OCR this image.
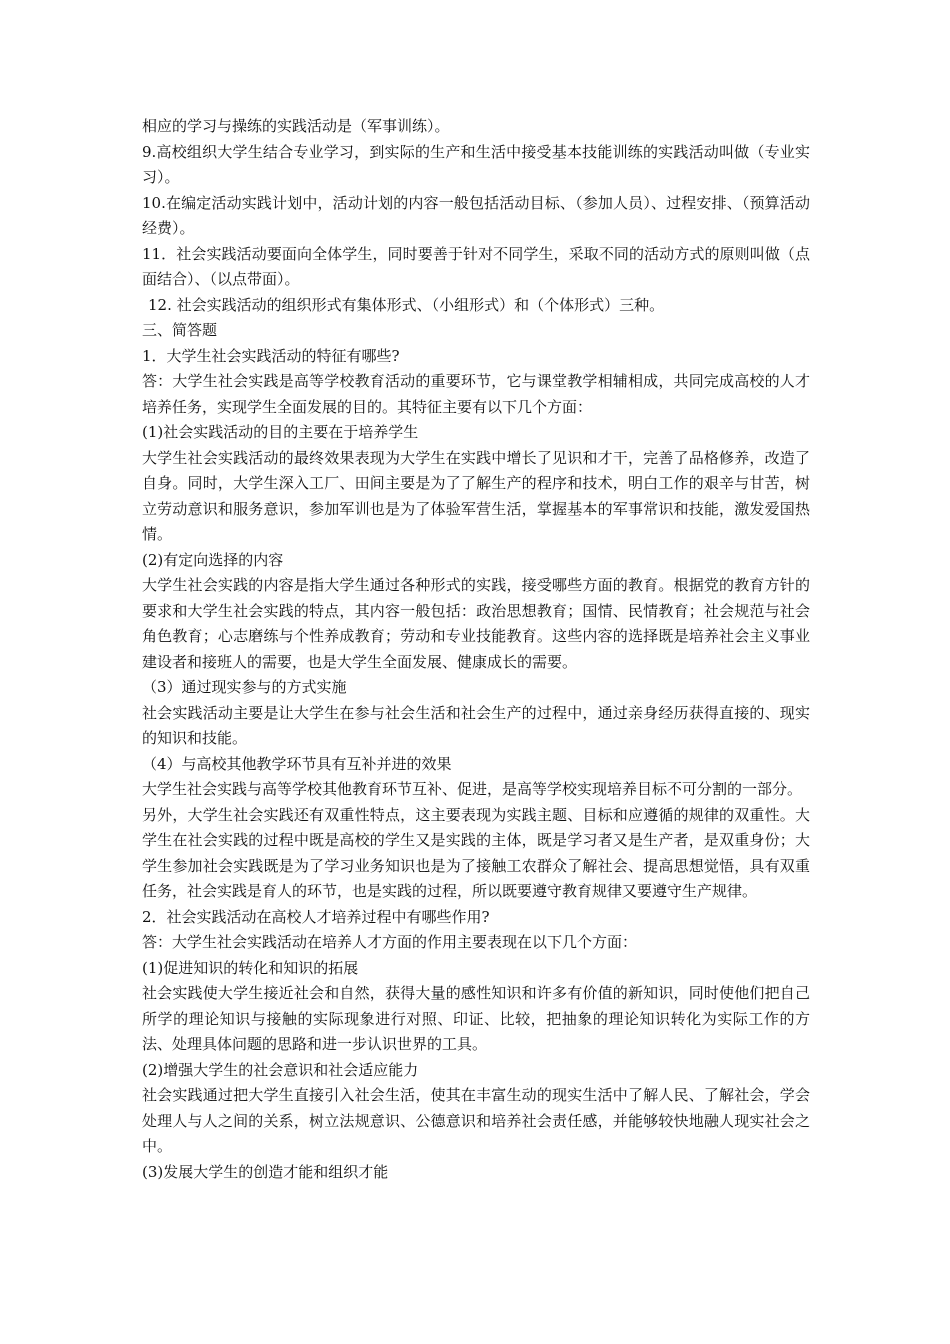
相应的学习与操练的实践活动是（军事训练）。

9.高校组织大学生结合专业学习，到实际的生产和生活中接受基本技能训练的实践活动叫做（专业实习）。

10.在编定活动实践计划中，活动计划的内容一般包括活动目标、（参加人员）、过程安排、（预算活动经费）。

11．社会实践活动要面向全体学生，同时要善于针对不同学生，采取不同的活动方式的原则叫做（点面结合）、（以点带面）。

12. 社会实践活动的组织形式有集体形式、（小组形式）和（个体形式）三种。

三、简答题

1．大学生社会实践活动的特征有哪些?

答：大学生社会实践是高等学校教育活动的重要环节，它与课堂教学相辅相成，共同完成高校的人才培养任务，实现学生全面发展的目的。其特征主要有以下几个方面：

(1)社会实践活动的目的主要在于培养学生

大学生社会实践活动的最终效果表现为大学生在实践中增长了见识和才干，完善了品格修养，改造了自身。同时，大学生深入工厂、田间主要是为了了解生产的程序和技术，明白工作的艰辛与甘苦，树立劳动意识和服务意识，参加军训也是为了体验军营生活，掌握基本的军事常识和技能，激发爱国热情。

(2)有定向选择的内容

大学生社会实践的内容是指大学生通过各种形式的实践，接受哪些方面的教育。根据党的教育方针的要求和大学生社会实践的特点，其内容一般包括：政治思想教育；国情、民情教育；社会规范与社会角色教育；心志磨练与个性养成教育；劳动和专业技能教育。这些内容的选择既是培养社会主义事业建设者和接班人的需要，也是大学生全面发展、健康成长的需要。

（3）通过现实参与的方式实施

社会实践活动主要是让大学生在参与社会生活和社会生产的过程中，通过亲身经历获得直接的、现实的知识和技能。

（4）与高校其他教学环节具有互补并进的效果

大学生社会实践与高等学校其他教育环节互补、促进，是高等学校实现培养目标不可分割的一部分。

另外，大学生社会实践还有双重性特点，这主要表现为实践主题、目标和应遵循的规律的双重性。大学生在社会实践的过程中既是高校的学生又是实践的主体，既是学习者又是生产者，是双重身份；大学生参加社会实践既是为了学习业务知识也是为了接触工农群众了解社会、提高思想觉悟，具有双重任务，社会实践是育人的环节，也是实践的过程，所以既要遵守教育规律又要遵守生产规律。

2．社会实践活动在高校人才培养过程中有哪些作用?

答：大学生社会实践活动在培养人才方面的作用主要表现在以下几个方面：

(1)促进知识的转化和知识的拓展

社会实践使大学生接近社会和自然，获得大量的感性知识和许多有价值的新知识，同时使他们把自己所学的理论知识与接触的实际现象进行对照、印证、比较，把抽象的理论知识转化为实际工作的方法、处理具体问题的思路和进一步认识世界的工具。

(2)增强大学生的社会意识和社会适应能力

社会实践通过把大学生直接引入社会生活，使其在丰富生动的现实生活中了解人民、了解社会，学会处理人与人之间的关系，树立法规意识、公德意识和培养社会责任感，并能够较快地融人现实社会之中。

(3)发展大学生的创造才能和组织才能
